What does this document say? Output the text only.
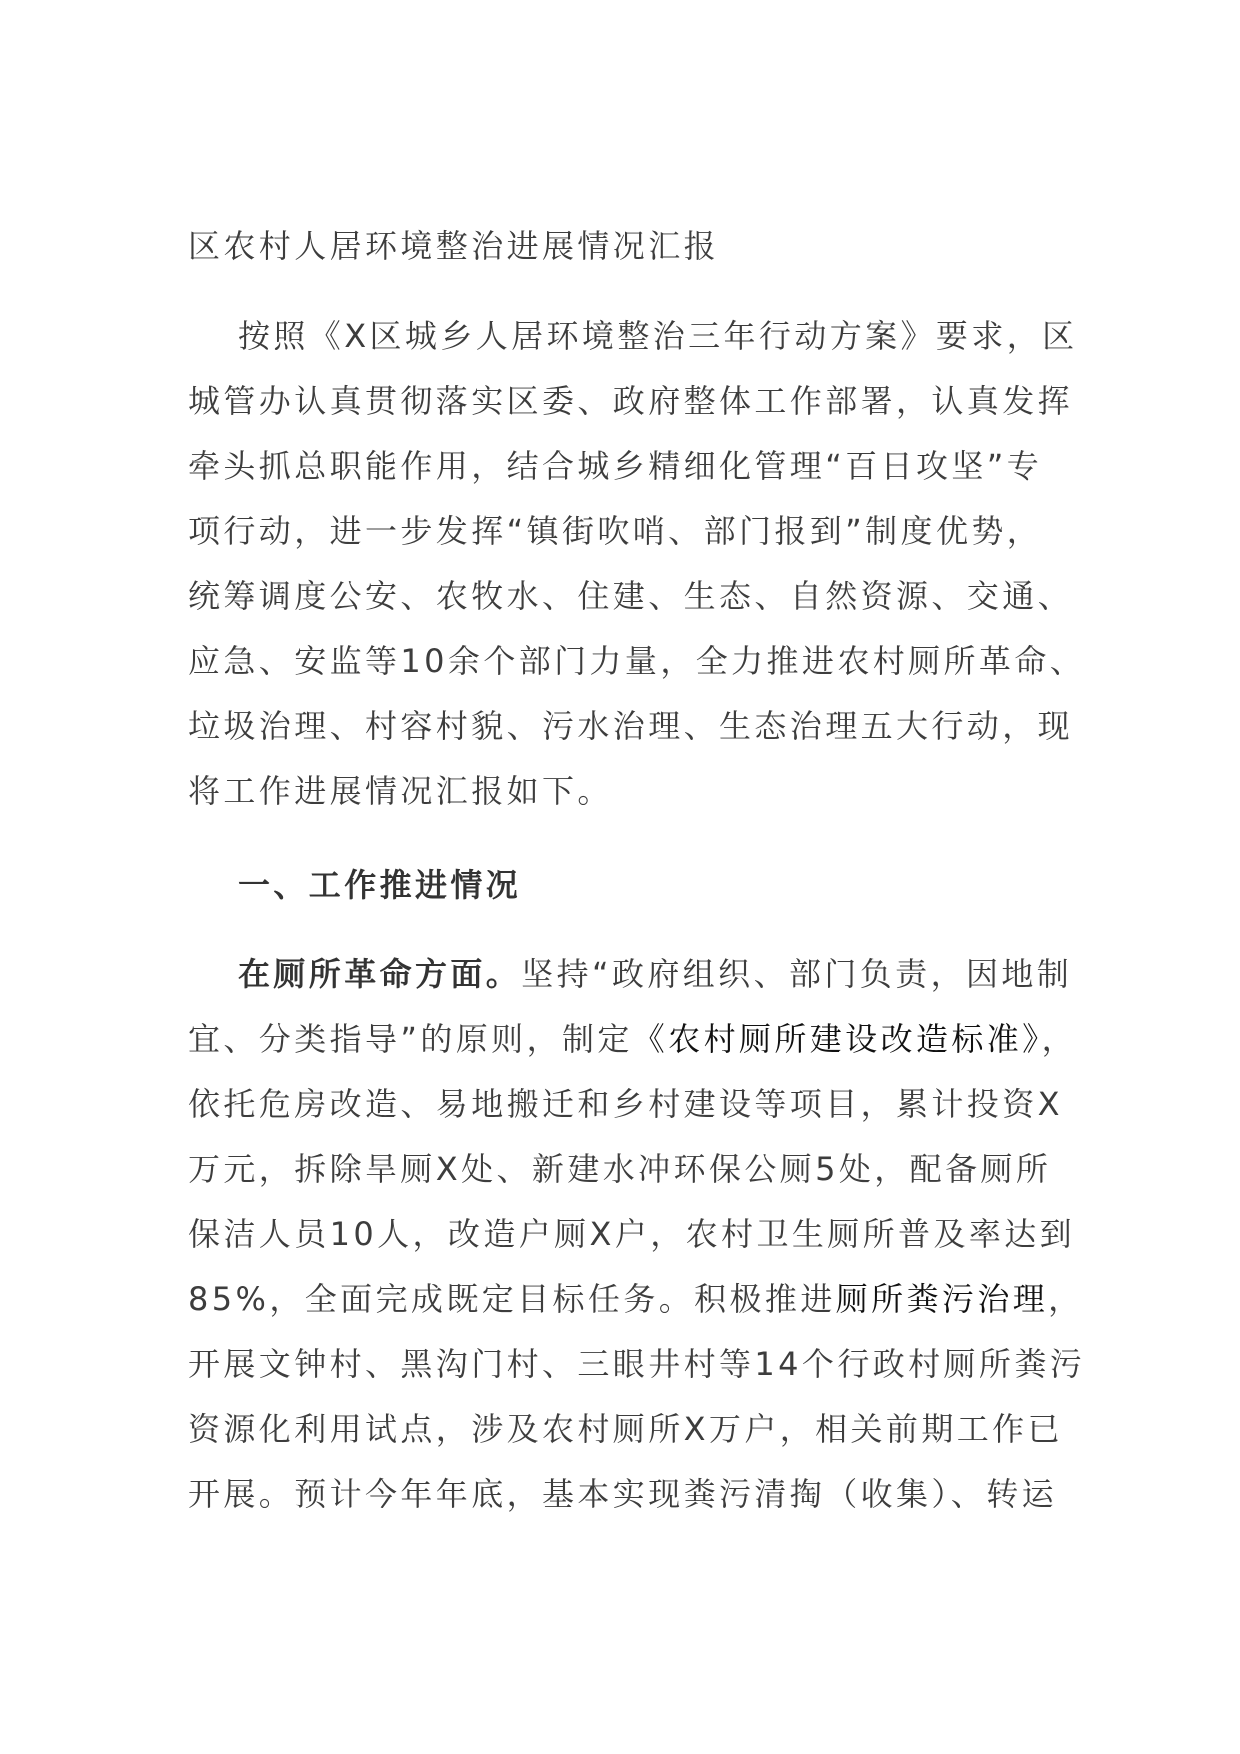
区农村人居环境整治进展情况汇报
按照《X区城乡人居环境整治三年行动方案》要求，区
城管办认真贯彻落实区委、政府整体工作部署，认真发挥
牵头抓总职能作用，结合城乡精细化管理“百日攻坚”专
项行动，进一步发挥“镇街吹哨、部门报到”制度优势，
统筹调度公安、农牧水、住建、生态、自然资源、交通、
应急、安监等10余个部门力量，全力推进农村厕所革命、
垃圾治理、村容村貌、污水治理、生态治理五大行动，现
将工作进展情况汇报如下。
一、工作推进情况
在厕所革命方面。坚持“政府组织、部门负责，因地制
宜、分类指导”的原则，制定《农村厕所建设改造标准》，
依托危房改造、易地搬迁和乡村建设等项目，累计投资X
万元，拆除旱厕X处、新建水冲环保公厕5处，配备厕所
保洁人员10人，改造户厕X户，农村卫生厕所普及率达到
85%，全面完成既定目标任务。积极推进厕所粪污治理，
开展文钟村、黑沟门村、三眼井村等14个行政村厕所粪污
资源化利用试点，涉及农村厕所X万户，相关前期工作已
开展。预计今年年底，基本实现粪污清掏（收集）、转运
